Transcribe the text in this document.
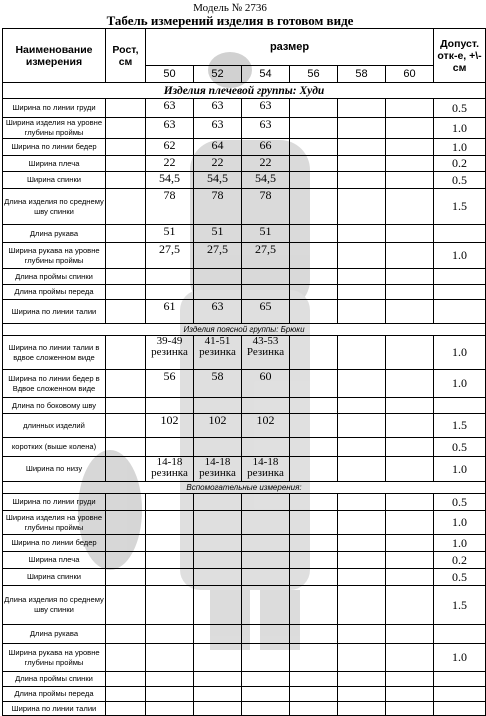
Модель № 2736
Табель измерений изделия в готовом виде
Наименование измерения	Рост, см	размер						Допуст. отк-е, +\-см
		50	52	54	56	58	60	
Изделия плечевой группы: Худи								
Ширина по линии груди		63	63	63				0.5
Ширина изделия на уровне глубины проймы		63	63	63				1.0
Ширина по линии бедер		62	64	66				1.0
Ширина плеча		22	22	22				0.2
Ширина спинки		54,5	54,5	54,5				0.5
Длина изделия по среднему шву спинки		78	78	78				1.5
Длина рукава		51	51	51				
Ширина рукава на уровне глубины проймы		27,5	27,5	27,5				1.0
Длина проймы спинки								
Длина проймы переда								
Ширина по линии талии		61	63	65				
Изделия поясной группы: Брюки								
Ширина по линии талии в вдвое сложенном виде		39-49 резинка	41-51 резинка	43-53 Резинка				1.0
Ширина по линии бедер в Вдвое сложенном виде		56	58	60				1.0
Длина по боковому шву								
длинных изделий		102	102	102				1.5
коротких (выше колена)								0.5
Ширина по низу		14-18 резинка	14-18 резинка	14-18 резинка				1.0
Вспомогательные измерения:								
Ширина по линии груди								0.5
Ширина изделия на уровне глубины проймы								1.0
Ширина по линии бедер								1.0
Ширина плеча								0.2
Ширина спинки								0.5
Длина изделия по среднему шву спинки								1.5
Длина рукава								
Ширина рукава на уровне глубины проймы								1.0
Длина проймы спинки								
Длина проймы переда								
Ширина по линии талии								
